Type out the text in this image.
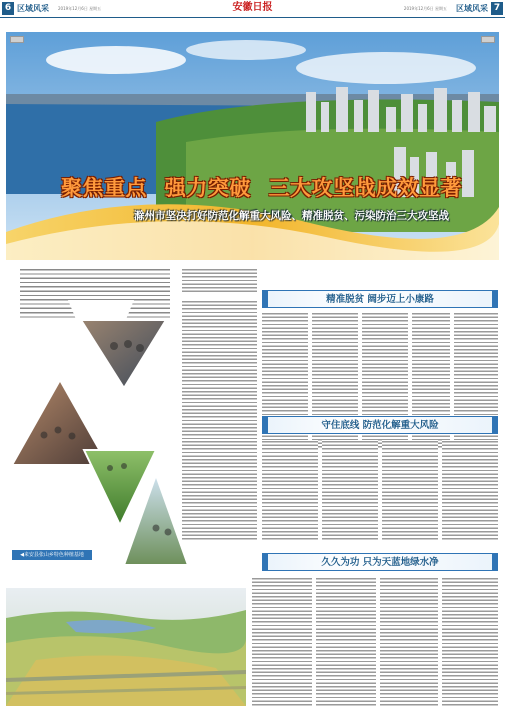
6 区域风采 2019年12月6日 星期五	安徽日报	2019年12月6日 星期五 区域风采 7
聚焦重点 强力突破 三大攻坚战成效显著
滁州市坚决打好防范化解重大风险、精准脱贫、污染防治三大攻坚战
精准脱贫 阔步迈上小康路
守住底线 防范化解重大风险
久久为功 只为天蓝地绿水净
◀来安县张山乡特色种植基地
